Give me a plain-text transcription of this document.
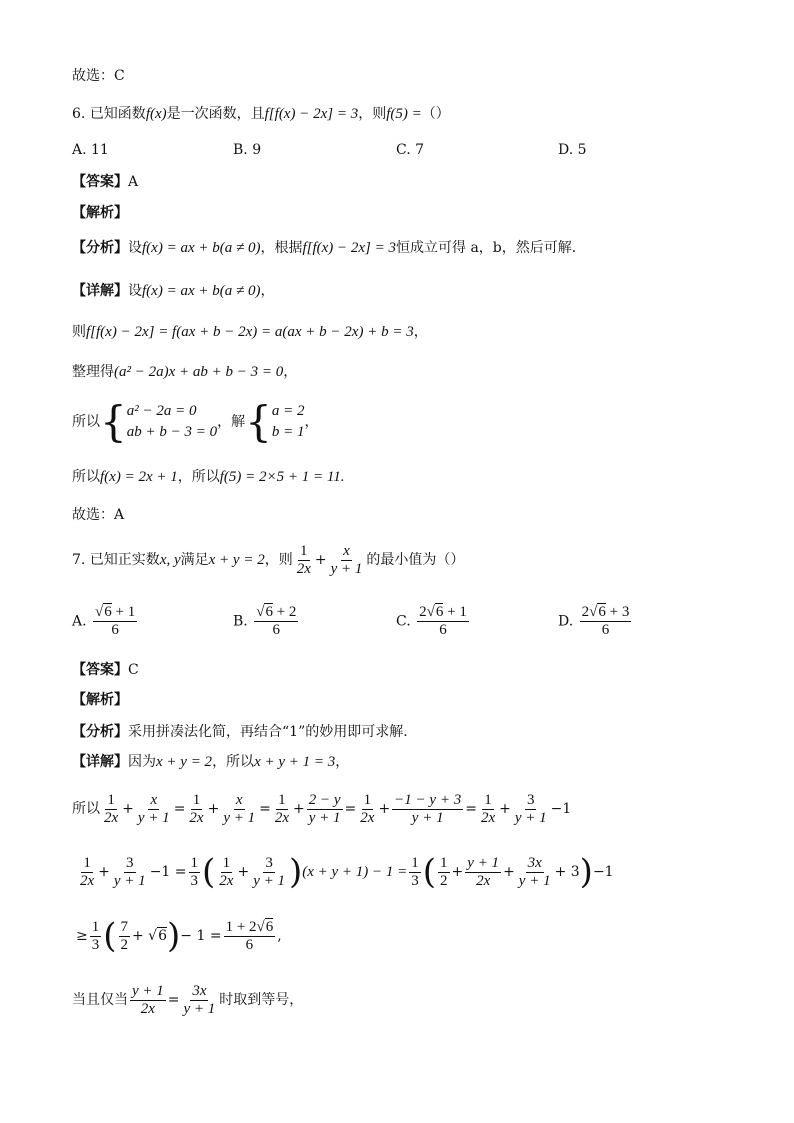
故选：C
6. 已知函数f(x)是一次函数，且f[f(x) − 2x] = 3，则f(5) =（）
A. 11	B. 9	C. 7	D. 5
【答案】A
【解析】
【分析】设f(x) = ax + b(a ≠ 0)，根据f[f(x) − 2x] = 3恒成立可得 a，b，然后可解.
【详解】设f(x) = ax + b(a ≠ 0)，
则f[f(x) − 2x] = f(ax + b − 2x) = a(ax + b − 2x) + b = 3，
整理得(a² − 2a)x + ab + b − 3 = 0，
所以{ a² − 2a = 0
ab + b − 3 = 0
，解{ a = 2
b = 1
，
所以f(x) = 2x + 1，所以f(5) = 2×5 + 1 = 11.
故选：A
7. 已知正实数x, y满足x + y = 2，则 $\frac{1}{2x} + \frac{x}{y + 1}$ 的最小值为（）
A. $\frac{√6 + 1}{6}$	B. $\frac{√6 + 2}{6}$	C. $\frac{2√6 + 1}{6}$	D. $\frac{2√6 + 3}{6}$
【答案】C
【解析】
【分析】采用拼凑法化简，再结合“1”的妙用即可求解.
【详解】因为x + y = 2，所以x + y + 1 = 3，
所以 $\frac{1}{2x} + \frac{x}{y + 1} = \frac{1}{2x} + \frac{x}{y + 1} = \frac{1}{2x} + \frac{2 - y}{y + 1} = \frac{1}{2x} + \frac{-1 - y + 3}{y + 1} = \frac{1}{2x} + \frac{3}{y + 1} -1$
$\frac{1}{2x} + \frac{3}{y + 1} -1 = \frac{1}{3}$ ( $\frac{1}{2x} + \frac{3}{y + 1} )(x + y + 1) - 1 = \frac{1}{3}$ ( $\frac{1}{2} + \frac{y + 1}{2x} + \frac{3x}{y + 1} + 3)-1$
≥ $\frac{1}{3}$ ( $\frac{7}{2} + √6)- 1 = \frac{1 + 2√6}{6}$ ,
当且仅当 $\frac{y + 1}{2x} = \frac{3x}{y + 1}$ 时取到等号，
